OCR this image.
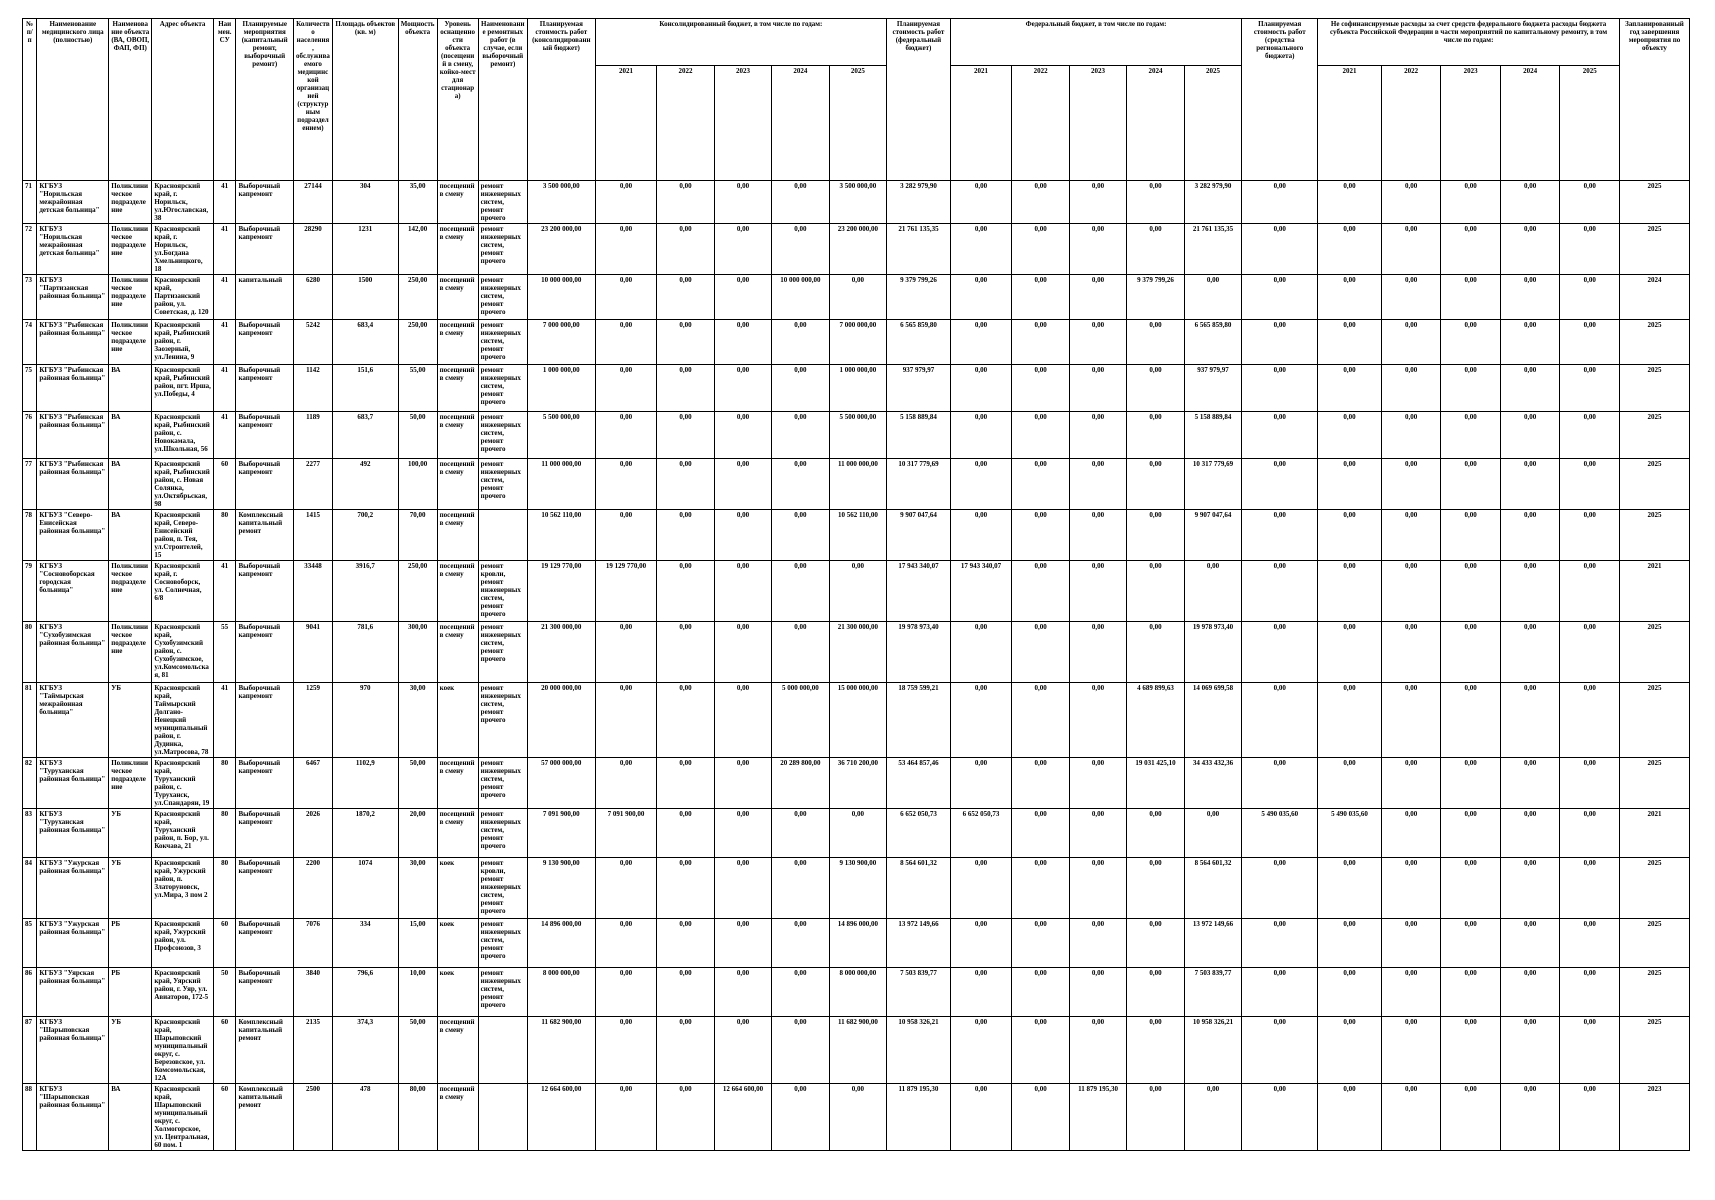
№ п/п	Наименование медицинского лица (полностью)	Наименование объекта (ВА, ОВОП, ФАП, ФП)	Адрес объекта	Наимен. СУ	Планируемые мероприятия (капитальный ремонт, выборочный ремонт)	Количество населения, обслуживаемого медицинской организацией (структурным подразделением)	Площадь объектов (кв. м)	Мощность объекта	Уровень оснащенности объекта (посещений в смену, койко-мест для стационара)	Наименование ремонтных работ (в случае, если выборочный ремонт)	Планируемая стоимость работ (консолидированный бюджет)	Консолидированный бюджет, в том числе по годам:					Планируемая стоимость работ (федеральный бюджет)	Федеральный бюджет, в том числе по годам:					Планируемая стоимость работ (средства регионального бюджета)	Не софинансируемые расходы за счет средств федерального бюджета расходы бюджета субъекта Российской Федерации в части мероприятий по капитальному ремонту, в том числе по годам:					Запланированный год завершения мероприятия по объекту
												2021	2022	2023	2024	2025		2021	2022	2023	2024	2025		2021	2022	2023	2024	2025	
71	КГБУЗ "Норильская межрайонная детская больница"	Поликлиническое подразделение	Красноярский край, г. Норильск, ул.Югославская, 38	41	Выборочный капремонт	27144	304	35,00	посещений в смену	ремонт инженерных систем, ремонт прочего	3 500 000,00	0,00	0,00	0,00	0,00	3 500 000,00	3 282 979,90	0,00	0,00	0,00	0,00	3 282 979,90	0,00	0,00	0,00	0,00	0,00	0,00	2025
72	КГБУЗ "Норильская межрайонная детская больница"	Поликлиническое подразделение	Красноярский край, г. Норильск, ул.Богдана Хмельницкого, 18	41	Выборочный капремонт	28290	1231	142,00	посещений в смену	ремонт инженерных систем, ремонт прочего	23 200 000,00	0,00	0,00	0,00	0,00	23 200 000,00	21 761 135,35	0,00	0,00	0,00	0,00	21 761 135,35	0,00	0,00	0,00	0,00	0,00	0,00	2025
73	КГБУЗ "Партизанская районная больница"	Поликлиническое подразделение	Красноярский край, Партизанский район, ул. Советская, д. 120	41	капитальный	6280	1500	250,00	посещений в смену	ремонт инженерных систем, ремонт прочего	10 000 000,00	0,00	0,00	0,00	10 000 000,00	0,00	9 379 799,26	0,00	0,00	0,00	9 379 799,26	0,00	0,00	0,00	0,00	0,00	0,00	0,00	2024
74	КГБУЗ "Рыбинская районная больница"	Поликлиническое подразделение	Красноярский край, Рыбинский район, г. Заозерный, ул.Ленина, 9	41	Выборочный капремонт	5242	683,4	250,00	посещений в смену	ремонт инженерных систем, ремонт прочего	7 000 000,00	0,00	0,00	0,00	0,00	7 000 000,00	6 565 859,80	0,00	0,00	0,00	0,00	6 565 859,80	0,00	0,00	0,00	0,00	0,00	0,00	2025
75	КГБУЗ "Рыбинская районная больница"	ВА	Красноярский край, Рыбинский район, пгт. Ирша, ул.Победы, 4	41	Выборочный капремонт	1142	151,6	55,00	посещений в смену	ремонт инженерных систем, ремонт прочего	1 000 000,00	0,00	0,00	0,00	0,00	1 000 000,00	937 979,97	0,00	0,00	0,00	0,00	937 979,97	0,00	0,00	0,00	0,00	0,00	0,00	2025
76	КГБУЗ "Рыбинская районная больница"	ВА	Красноярский край, Рыбинский район, с. Новокамала, ул.Школьная, 56	41	Выборочный капремонт	1189	683,7	50,00	посещений в смену	ремонт инженерных систем, ремонт прочего	5 500 000,00	0,00	0,00	0,00	0,00	5 500 000,00	5 158 889,84	0,00	0,00	0,00	0,00	5 158 889,84	0,00	0,00	0,00	0,00	0,00	0,00	2025
77	КГБУЗ "Рыбинская районная больница"	ВА	Красноярский край, Рыбинский район, с. Новая Солянка, ул.Октябрьская, 98	60	Выборочный капремонт	2277	492	100,00	посещений в смену	ремонт инженерных систем, ремонт прочего	11 000 000,00	0,00	0,00	0,00	0,00	11 000 000,00	10 317 779,69	0,00	0,00	0,00	0,00	10 317 779,69	0,00	0,00	0,00	0,00	0,00	0,00	2025
78	КГБУЗ "Северо-Енисейская районная больница"	ВА	Красноярский край, Северо-Енисейский район, п. Тея, ул.Строителей, 15	80	Комплексный капитальный ремонт	1415	700,2	70,00	посещений в смену		10 562 110,00	0,00	0,00	0,00	0,00	10 562 110,00	9 907 047,64	0,00	0,00	0,00	0,00	9 907 047,64	0,00	0,00	0,00	0,00	0,00	0,00	2025
79	КГБУЗ "Сосновоборская городская больница"	Поликлиническое подразделение	Красноярский край, г. Сосновоборск, ул. Солнечная, 6/8	41	Выборочный капремонт	33448	3916,7	250,00	посещений в смену	ремонт кровли, ремонт инженерных систем, ремонт прочего	19 129 770,00	19 129 770,00	0,00	0,00	0,00	0,00	17 943 340,07	17 943 340,07	0,00	0,00	0,00	0,00	0,00	0,00	0,00	0,00	0,00	0,00	2021
80	КГБУЗ "Сухобузимская районная больница"	Поликлиническое подразделение	Красноярский край, Сухобузимский район, с. Сухобузимское, ул.Комсомольская, 81	55	Выборочный капремонт	9041	781,6	300,00	посещений в смену	ремонт инженерных систем, ремонт прочего	21 300 000,00	0,00	0,00	0,00	0,00	21 300 000,00	19 978 973,40	0,00	0,00	0,00	0,00	19 978 973,40	0,00	0,00	0,00	0,00	0,00	0,00	2025
81	КГБУЗ "Таймырская межрайонная больница"	УБ	Красноярский край, Таймырский Долгано-Ненецкий муниципальный район, г. Дудинка, ул.Матросова, 78	41	Выборочный капремонт	1259	970	30,00	коек	ремонт инженерных систем, ремонт прочего	20 000 000,00	0,00	0,00	0,00	5 000 000,00	15 000 000,00	18 759 599,21	0,00	0,00	0,00	4 689 899,63	14 069 699,58	0,00	0,00	0,00	0,00	0,00	0,00	2025
82	КГБУЗ "Туруханская районная больница"	Поликлиническое подразделение	Красноярский край, Туруханский район, с. Туруханск, ул.Спандарян, 19	80	Выборочный капремонт	6467	1102,9	50,00	посещений в смену	ремонт инженерных систем, ремонт прочего	57 000 000,00	0,00	0,00	0,00	20 289 800,00	36 710 200,00	53 464 857,46	0,00	0,00	0,00	19 031 425,10	34 433 432,36	0,00	0,00	0,00	0,00	0,00	0,00	2025
83	КГБУЗ "Туруханская районная больница"	УБ	Красноярский край, Туруханский район, п. Бор, ул. Кокчава, 21	80	Выборочный капремонт	2026	1870,2	20,00	посещений в смену	ремонт инженерных систем, ремонт прочего	7 091 900,00	7 091 900,00	0,00	0,00	0,00	0,00	6 652 050,73	6 652 050,73	0,00	0,00	0,00	0,00	5 490 035,60	5 490 035,60	0,00	0,00	0,00	0,00	2021
84	КГБУЗ "Ужурская районная больница"	УБ	Красноярский край, Ужурский район, п. Златоруновск, ул.Мира, 3 пом 2	80	Выборочный капремонт	2200	1074	30,00	коек	ремонт кровли, ремонт инженерных систем, ремонт прочего	9 130 900,00	0,00	0,00	0,00	0,00	9 130 900,00	8 564 601,32	0,00	0,00	0,00	0,00	8 564 601,32	0,00	0,00	0,00	0,00	0,00	0,00	2025
85	КГБУЗ "Ужурская районная больница"	РБ	Красноярский край, Ужурский район, ул. Профсоюзов, 3	60	Выборочный капремонт	7076	334	15,00	коек	ремонт инженерных систем, ремонт прочего	14 896 000,00	0,00	0,00	0,00	0,00	14 896 000,00	13 972 149,66	0,00	0,00	0,00	0,00	13 972 149,66	0,00	0,00	0,00	0,00	0,00	0,00	2025
86	КГБУЗ "Уярская районная больница"	РБ	Красноярский край, Уярский район, г. Уяр, ул. Авиаторов, 172-5	50	Выборочный капремонт	3840	796,6	10,00	коек	ремонт инженерных систем, ремонт прочего	8 000 000,00	0,00	0,00	0,00	0,00	8 000 000,00	7 503 839,77	0,00	0,00	0,00	0,00	7 503 839,77	0,00	0,00	0,00	0,00	0,00	0,00	2025
87	КГБУЗ "Шарыповская районная больница"	УБ	Красноярский край, Шарыповский муниципальный округ, с. Березовское, ул. Комсомольская, 12А	60	Комплексный капитальный ремонт	2135	374,3	50,00	посещений в смену		11 682 900,00	0,00	0,00	0,00	0,00	11 682 900,00	10 958 326,21	0,00	0,00	0,00	0,00	10 958 326,21	0,00	0,00	0,00	0,00	0,00	0,00	2025
88	КГБУЗ "Шарыповская районная больница"	ВА	Красноярский край, Шарыповский муниципальный округ, с. Холмогорское, ул. Центральная, 60 пом. 1	60	Комплексный капитальный ремонт	2500	478	80,00	посещений в смену		12 664 600,00	0,00	0,00	12 664 600,00	0,00	0,00	11 879 195,30	0,00	0,00	11 879 195,30	0,00	0,00	0,00	0,00	0,00	0,00	0,00	0,00	2023
